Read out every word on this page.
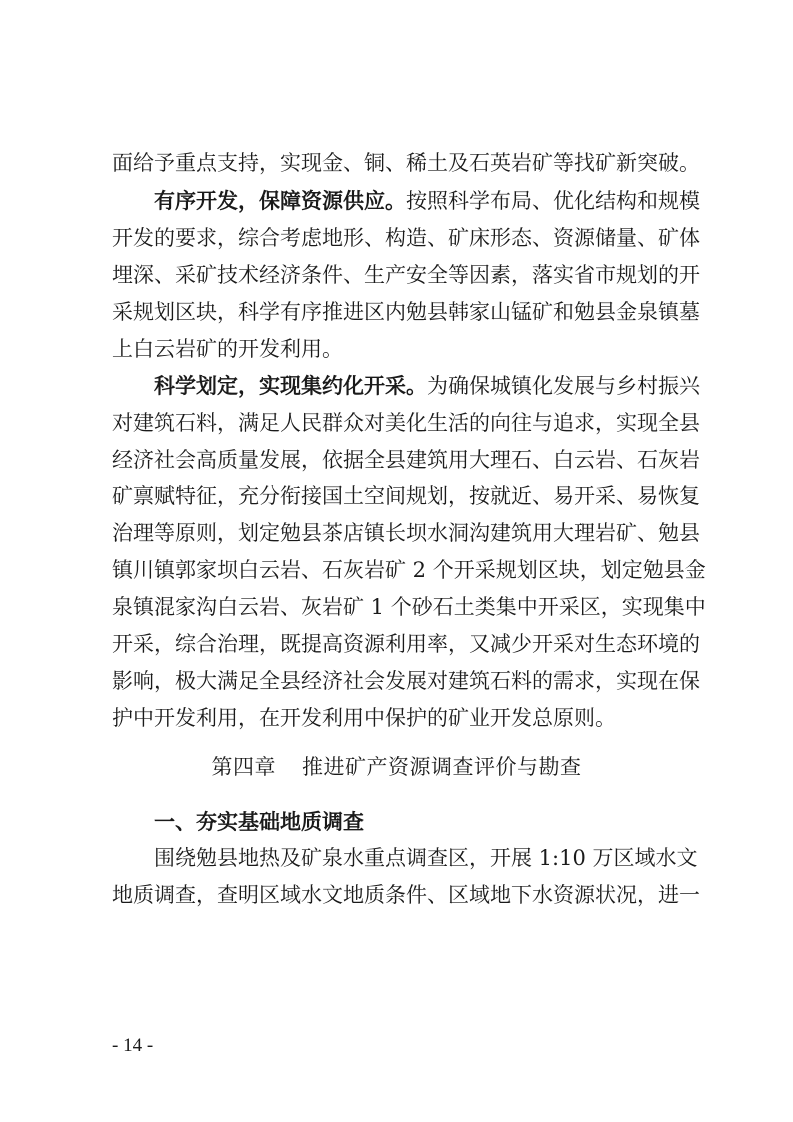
面给予重点支持，实现金、铜、稀土及石英岩矿等找矿新突破。
有序开发，保障资源供应。按照科学布局、优化结构和规模
开发的要求，综合考虑地形、构造、矿床形态、资源储量、矿体
埋深、采矿技术经济条件、生产安全等因素，落实省市规划的开
采规划区块，科学有序推进区内勉县韩家山锰矿和勉县金泉镇墓
上白云岩矿的开发利用。
科学划定，实现集约化开采。为确保城镇化发展与乡村振兴
对建筑石料，满足人民群众对美化生活的向往与追求，实现全县
经济社会高质量发展，依据全县建筑用大理石、白云岩、石灰岩
矿禀赋特征，充分衔接国土空间规划，按就近、易开采、易恢复
治理等原则，划定勉县茶店镇长坝水洞沟建筑用大理岩矿、勉县
镇川镇郭家坝白云岩、石灰岩矿 2 个开采规划区块，划定勉县金
泉镇混家沟白云岩、灰岩矿 1 个砂石土类集中开采区，实现集中
开采，综合治理，既提高资源利用率，又减少开采对生态环境的
影响，极大满足全县经济社会发展对建筑石料的需求，实现在保
护中开发利用，在开发利用中保护的矿业开发总原则。
第四章 推进矿产资源调查评价与勘查
一、夯实基础地质调查
围绕勉县地热及矿泉水重点调查区，开展 1:10 万区域水文
地质调查，查明区域水文地质条件、区域地下水资源状况，进一
- 14 -
